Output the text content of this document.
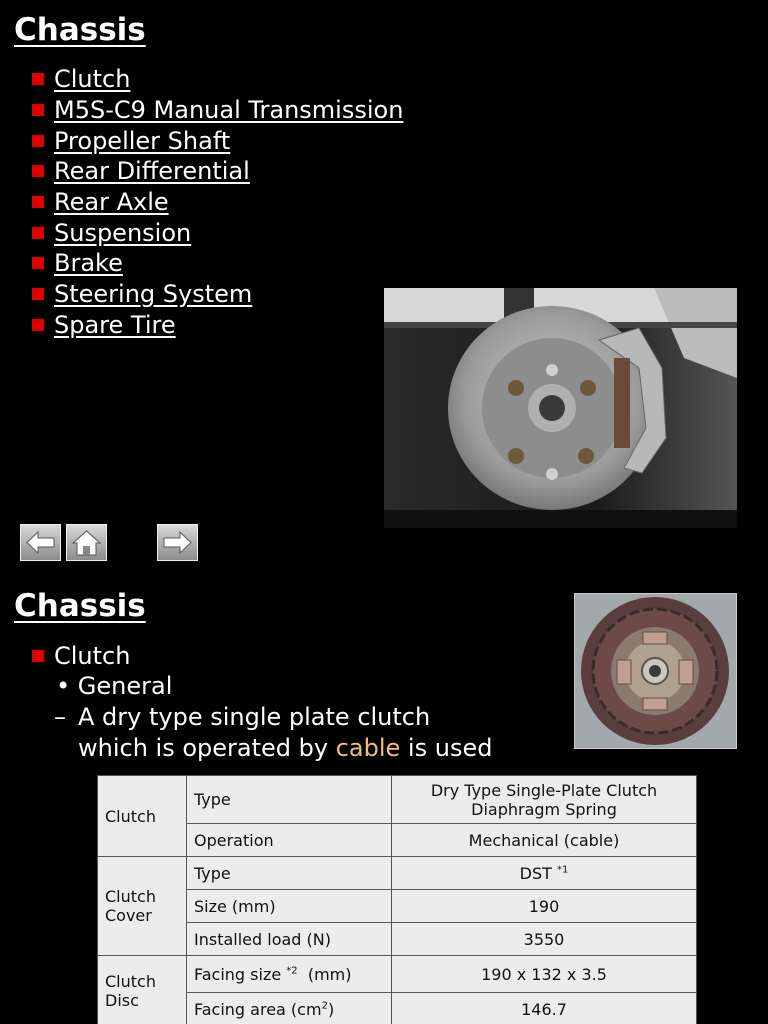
Chassis
Clutch
M5S-C9 Manual Transmission
Propeller Shaft
Rear Differential
Rear Axle
Suspension
Brake
Steering System
Spare Tire
Chassis
Clutch
• General
– A dry type single plate clutch
which is operated by cable is used
Clutch	Type	Dry Type Single-Plate Clutch
Diaphragm Spring

	Operation	Mechanical (cable)

Clutch
Cover	Type	DST $^{*1}$
	Size (mm)	190
	Installed load (N)	3550

Clutch
Disc	Facing size $^{*2}$  (mm)	190 x 132 x 3.5
	Facing area $(cm^2)$	146.7
